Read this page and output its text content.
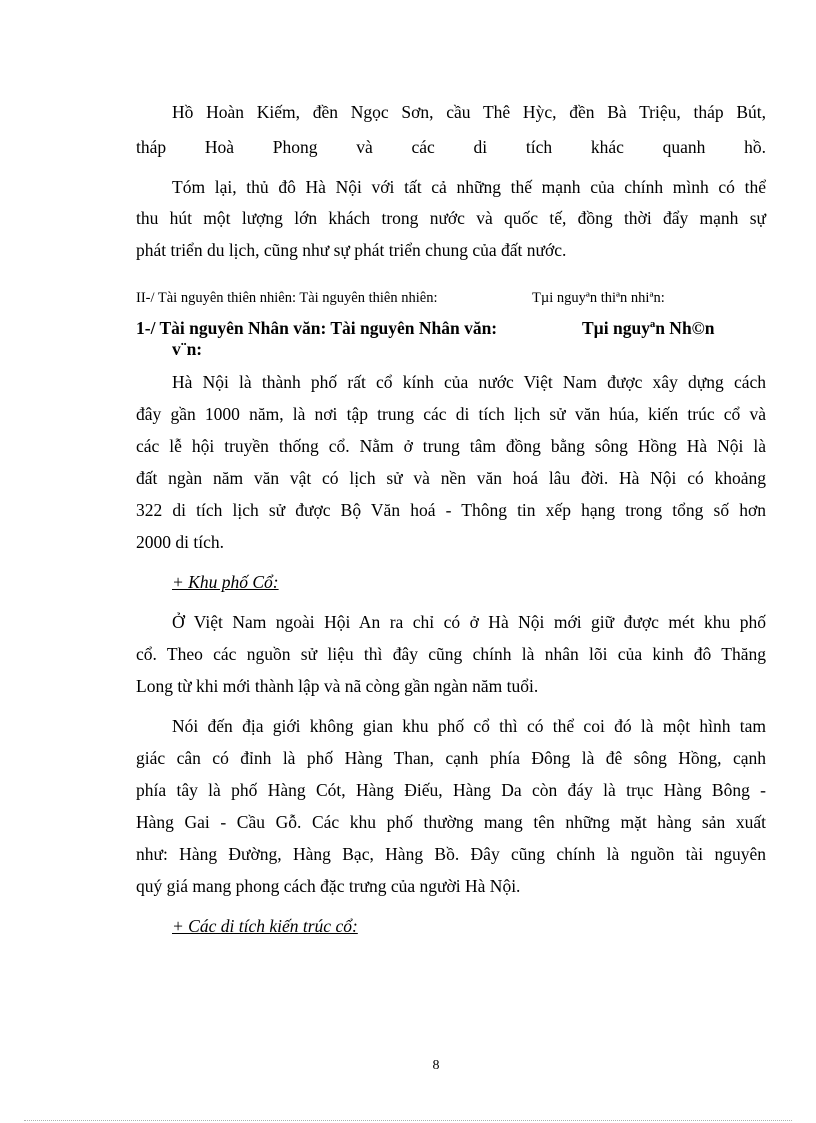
Hồ Hoàn Kiếm, đền Ngọc Sơn, cầu Thê Hỳc, đền Bà Triệu, tháp Bút,
tháp Hoà Phong và các di tích khác quanh hồ.
Tóm lại, thủ đô Hà Nội với tất cả những thế mạnh của chính mình có thể
thu hút một lượng lớn khách trong nước và quốc tế, đồng thời đẩy mạnh sự
phát triển du lịch, cũng như sự phát triển chung của đất nước.
II-/ Tài nguyên thiên nhiên: Tài nguyên thiên nhiên:	Tµi nguyªn thiªn nhiªn:
1-/ Tài nguyên Nhân văn: Tài nguyên Nhân văn:	Tµi nguyªn Nh©n
v¨n:
Hà Nội là thành phố rất cổ kính của nước Việt Nam được xây dựng cách
đây gần 1000 năm, là nơi tập trung các di tích lịch sử văn húa, kiến trúc cổ và
các lễ hội truyền thống cổ. Nằm ở trung tâm đồng bằng sông Hồng Hà Nội là
đất ngàn năm văn vật có lịch sử và nền văn hoá lâu đời. Hà Nội có khoảng
322 di tích lịch sử được Bộ Văn hoá - Thông tin xếp hạng trong tổng số hơn
2000 di tích.
+ Khu phố Cổ:
Ở Việt Nam ngoài Hội An ra chỉ có ở Hà Nội mới giữ được mét khu phố
cổ. Theo các nguồn sử liệu thì đây cũng chính là nhân lõi của kinh đô Thăng
Long từ khi mới thành lập và nã còng gần ngàn năm tuổi.
Nói đến địa giới không gian khu phố cổ thì có thể coi đó là một hình tam
giác cân có đỉnh là phố Hàng Than, cạnh phía Đông là đê sông Hồng, cạnh
phía tây là phố Hàng Cót, Hàng Điếu, Hàng Da còn đáy là trục Hàng Bông -
Hàng Gai - Cầu Gỗ. Các khu phố thường mang tên những mặt hàng sản xuất
như: Hàng Đường, Hàng Bạc, Hàng Bồ. Đây cũng chính là nguồn tài nguyên
quý giá mang phong cách đặc trưng của người Hà Nội.
+ Các di tích kiến trúc cổ:
8
